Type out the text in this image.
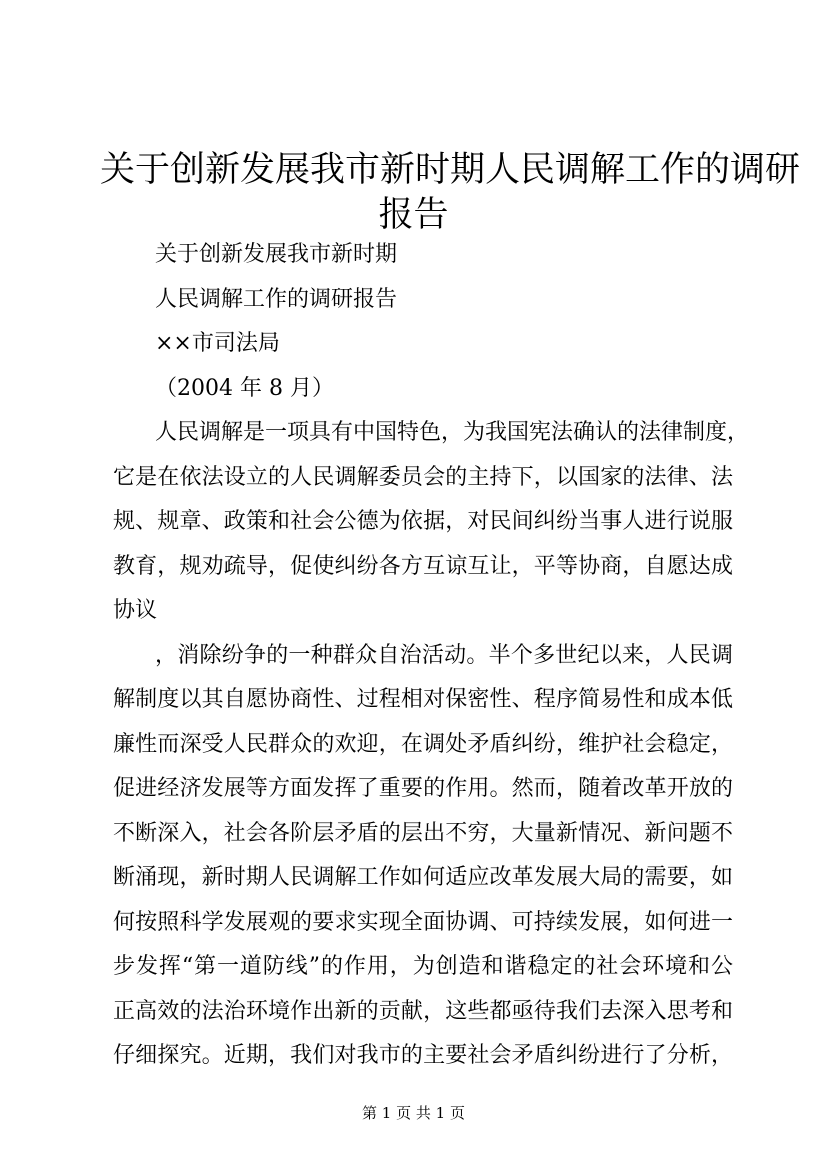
关于创新发展我市新时期人民调解工作的调研
报告
关于创新发展我市新时期
人民调解工作的调研报告
××市司法局
（2004 年 8 月）
人民调解是一项具有中国特色，为我国宪法确认的法律制度，
它是在依法设立的人民调解委员会的主持下，以国家的法律、法
规、规章、政策和社会公德为依据，对民间纠纷当事人进行说服
教育，规劝疏导，促使纠纷各方互谅互让，平等协商，自愿达成
协议
，消除纷争的一种群众自治活动。半个多世纪以来，人民调
解制度以其自愿协商性、过程相对保密性、程序简易性和成本低
廉性而深受人民群众的欢迎，在调处矛盾纠纷，维护社会稳定，
促进经济发展等方面发挥了重要的作用。然而，随着改革开放的
不断深入，社会各阶层矛盾的层出不穷，大量新情况、新问题不
断涌现，新时期人民调解工作如何适应改革发展大局的需要，如
何按照科学发展观的要求实现全面协调、可持续发展，如何进一
步发挥“第一道防线”的作用，为创造和谐稳定的社会环境和公
正高效的法治环境作出新的贡献，这些都亟待我们去深入思考和
仔细探究。近期，我们对我市的主要社会矛盾纠纷进行了分析，
第 1 页 共 1 页
